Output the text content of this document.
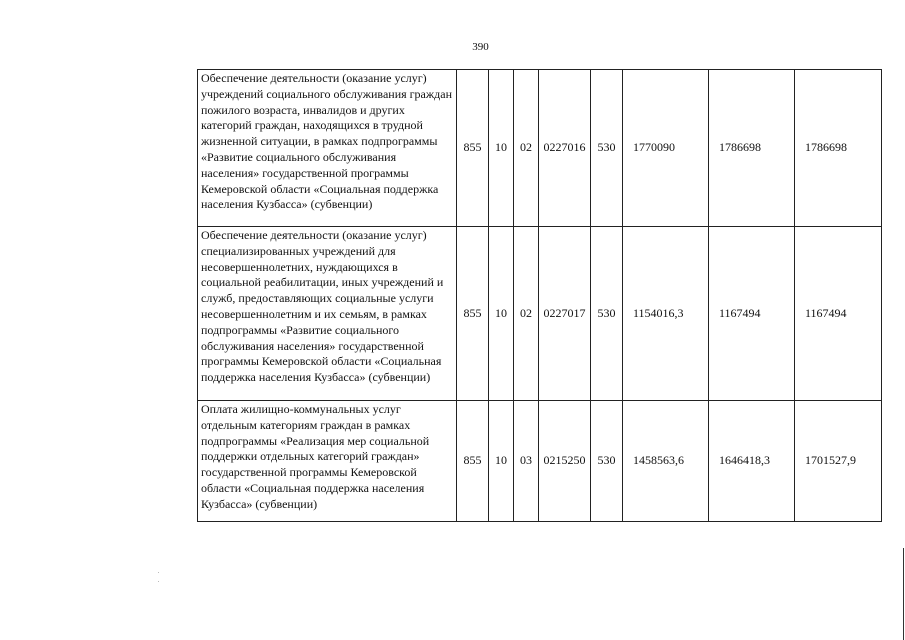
390
Обеспечение деятельности (оказание услуг) учреждений социального обслуживания граждан пожилого возраста, инвалидов и других категорий граждан, находящихся в трудной жизненной ситуации, в рамках подпрограммы «Развитие социального обслуживания населения» государственной программы Кемеровской области «Социальная поддержка населения Кузбасса» (субвенции)	855	10	02	0227016	530	1770090	1786698	1786698
Обеспечение деятельности (оказание услуг) специализированных учреждений для несовершеннолетних, нуждающихся в социальной реабилитации, иных учреждений и служб, предоставляющих социальные услуги несовершеннолетним и их семьям, в рамках подпрограммы «Развитие социального обслуживания населения» государственной программы Кемеровской области «Социальная поддержка населения Кузбасса» (субвенции)	855	10	02	0227017	530	1154016,3	1167494	1167494
Оплата жилищно-коммунальных услуг отдельным категориям граждан в рамках подпрограммы «Реализация мер социальной поддержки отдельных категорий граждан» государственной программы Кемеровской области «Социальная поддержка населения Кузбасса» (субвенции)	855	10	03	0215250	530	1458563,6	1646418,3	1701527,9
